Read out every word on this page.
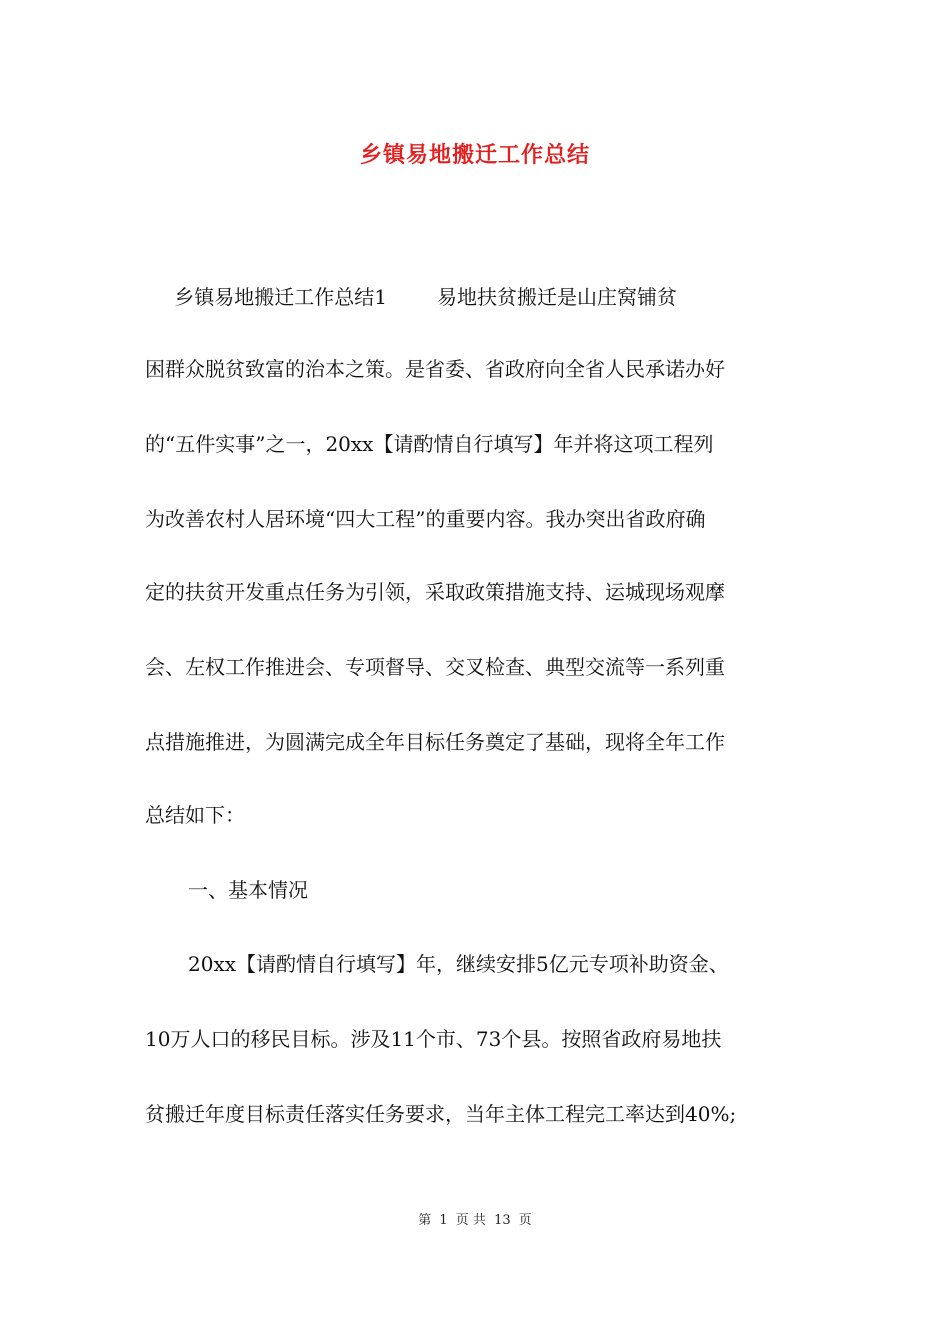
乡镇易地搬迁工作总结
乡镇易地搬迁工作总结1	易地扶贫搬迁是山庄窝铺贫
困群众脱贫致富的治本之策。是省委、省政府向全省人民承诺办好
的“五件实事”之一，20xx【请酌情自行填写】年并将这项工程列
为改善农村人居环境“四大工程”的重要内容。我办突出省政府确
定的扶贫开发重点任务为引领，采取政策措施支持、运城现场观摩
会、左权工作推进会、专项督导、交叉检查、典型交流等一系列重
点措施推进，为圆满完成全年目标任务奠定了基础，现将全年工作
总结如下：
一、基本情况
20xx【请酌情自行填写】年，继续安排5亿元专项补助资金、
10万人口的移民目标。涉及11个市、73个县。按照省政府易地扶
贫搬迁年度目标责任落实任务要求，当年主体工程完工率达到40%;
第 1 页 共 13 页
